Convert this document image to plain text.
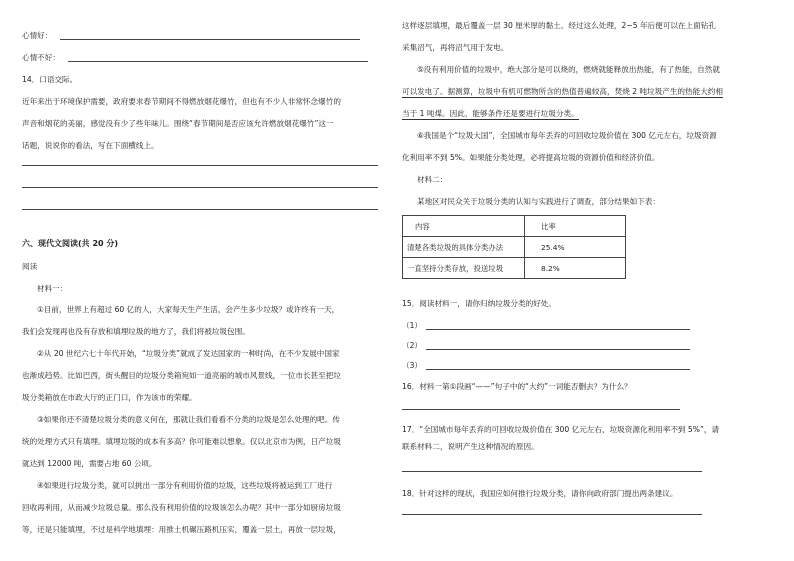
心情好：
心情不好：
14．口语交际。
近年来出于环境保护需要，政府要求春节期间不得燃放烟花爆竹，但也有不少人非常怀念爆竹的
声音和烟花的美丽，感觉没有少了些年味儿。围绕“春节期间是否应该允许燃放烟花爆竹”这一
话题，说说你的看法，写在下面横线上。
六、现代文阅读(共 20 分)
阅读
材料一：
①目前，世界上有超过 60 亿的人，大家每天生产生活，会产生多少垃圾？或许终有一天，
我们会发现再也没有存放和填埋垃圾的地方了，我们将被垃圾包围。
②从 20 世纪六七十年代开始，“垃圾分类”就成了发达国家的一种时尚，在不少发展中国家
也渐成趋势。比如巴西，街头醒目的垃圾分类箱宛如一道亮丽的城市风景线，一位市长甚至把垃
圾分类箱放在市政大厅的正门口，作为该市的荣耀。
③如果你还不清楚垃圾分类的意义何在，那就让我们看看不分类的垃圾是怎么处理的吧。传
统的处理方式只有填埋。填埋垃圾的成本有多高？你可能难以想象。仅以北京市为例，日产垃圾
就达到 12000 吨，需要占地 60 公顷。
④如果进行垃圾分类，就可以挑出一部分有利用价值的垃圾，这些垃圾将被运到工厂进行
回收再利用，从而减少垃圾总量。那么没有利用价值的垃圾该怎么办呢？其中一部分如厨房垃圾
等，还是只能填埋，不过是科学地填埋：用推土机碾压路机压实，覆盖一层土，再放一层垃圾，
这样逐层填埋，最后覆盖一层 30 厘米厚的黏土。经过这么处理，2~5 年后便可以在上面钻孔
采集沼气，再将沼气用于发电。
⑤没有利用价值的垃圾中，绝大部分是可以烧的，燃烧就能释放出热能，有了热能，自然就
可以发电了。据测算，垃圾中有机可燃物所含的热值普遍较高，焚烧 2 吨垃圾产生的热能大约相
当于 1 吨煤。因此，能够条件还是要进行垃圾分类。
⑥我国是个“垃圾大国”，全国城市每年丢弃的可回收垃圾价值在 300 亿元左右，垃圾资源
化利用率不到 5%。如果能分类处理，必将提高垃圾的资源价值和经济价值。
材料二：
某地区对民众关于垃圾分类的认知与实践进行了调查，部分结果如下表：
内容	比率
清楚各类垃圾的具体分类办法	25.4%
一直坚持分类存放，投送垃圾	8.2%
15．阅读材料一，请你归纳垃圾分类的好处。
（1）
（2）
（3）
16．材料一第①段画“——”句子中的“大约”一词能否删去？为什么？
17．“全国城市每年丢弃的可回收垃圾价值在 300 亿元左右，垃圾资源化利用率不到 5%”，请
联系材料二，说明产生这种情况的原因。
18．针对这样的现状，我国应如何推行垃圾分类，请你向政府部门提出两条建议。
